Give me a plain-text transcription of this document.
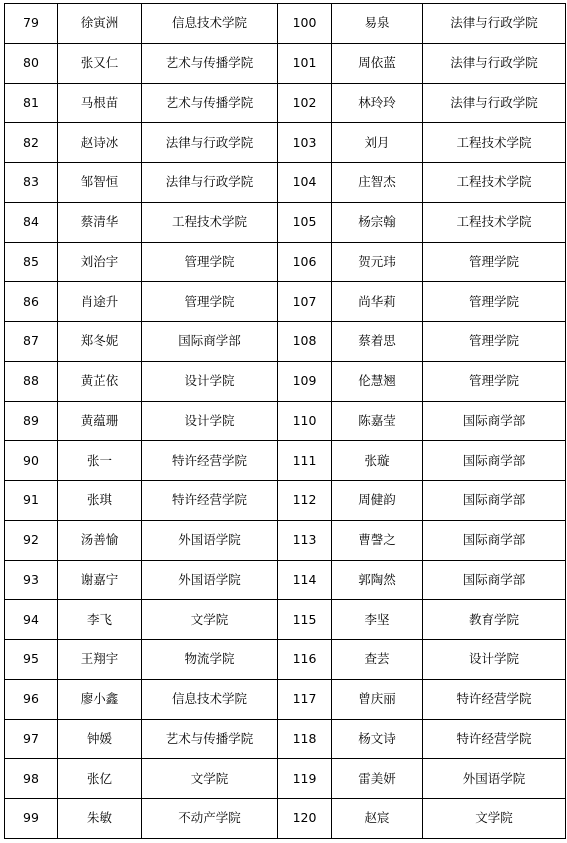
79	徐寅洲	信息技术学院	100	易泉	法律与行政学院
80	张又仁	艺术与传播学院	101	周依蓝	法律与行政学院
81	马根苗	艺术与传播学院	102	林玲玲	法律与行政学院
82	赵诗冰	法律与行政学院	103	刘月	工程技术学院
83	邹智恒	法律与行政学院	104	庄智杰	工程技术学院
84	蔡清华	工程技术学院	105	杨宗翰	工程技术学院
85	刘治宇	管理学院	106	贺元玮	管理学院
86	肖途升	管理学院	107	尚华莉	管理学院
87	郑冬妮	国际商学部	108	蔡着思	管理学院
88	黄芷依	设计学院	109	伦慧翘	管理学院
89	黄蕴珊	设计学院	110	陈嘉莹	国际商学部
90	张一	特许经营学院	111	张璇	国际商学部
91	张琪	特许经营学院	112	周健韵	国际商学部
92	汤善愉	外国语学院	113	曹謦之	国际商学部
93	谢嘉宁	外国语学院	114	郭陶然	国际商学部
94	李飞	文学院	115	李坚	教育学院
95	王翔宇	物流学院	116	查芸	设计学院
96	廖小鑫	信息技术学院	117	曾庆丽	特许经营学院
97	钟媛	艺术与传播学院	118	杨文诗	特许经营学院
98	张亿	文学院	119	雷美妍	外国语学院
99	朱敏	不动产学院	120	赵宸	文学院
